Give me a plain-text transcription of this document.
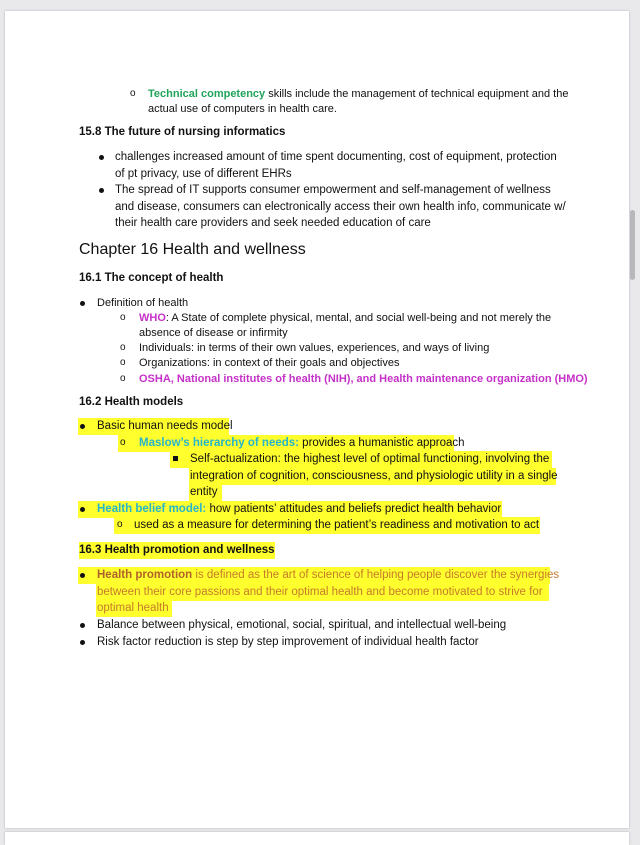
o Technical competency skills include the management of technical equipment and the
actual use of computers in health care.
15.8 The future of nursing informatics
challenges increased amount of time spent documenting, cost of equipment, protection
of pt privacy, use of different EHRs
The spread of IT supports consumer empowerment and self-management of wellness
and disease, consumers can electronically access their own health info, communicate w/
their health care providers and seek needed education of care
Chapter 16 Health and wellness
16.1 The concept of health
Definition of health
o WHO: A State of complete physical, mental, and social well-being and not merely the
absence of disease or infirmity
o Individuals: in terms of their own values, experiences, and ways of living
o Organizations: in context of their goals and objectives
o OSHA, National institutes of health (NIH), and Health maintenance organization (HMO)
16.2 Health models
Basic human needs model
o Maslow’s hierarchy of needs: provides a humanistic approach
Self-actualization: the highest level of optimal functioning, involving the
integration of cognition, consciousness, and physiologic utility in a single
entity
Health belief model: how patients’ attitudes and beliefs predict health behavior
o used as a measure for determining the patient’s readiness and motivation to act
16.3 Health promotion and wellness
Health promotion is defined as the art of science of helping people discover the synergies
between their core passions and their optimal health and become motivated to strive for
optimal health
Balance between physical, emotional, social, spiritual, and intellectual well-being
Risk factor reduction is step by step improvement of individual health factor
